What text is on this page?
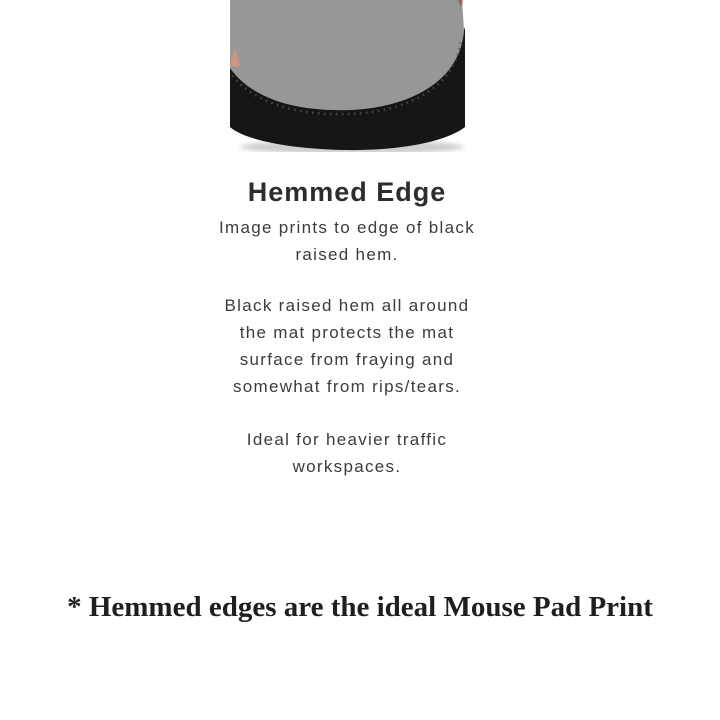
Hemmed Edge

Image prints to edge of black
raised hem.

Black raised hem all around
the mat protects the mat
surface from fraying and
somewhat from rips/tears.

Ideal for heavier traffic
workspaces.

* Hemmed edges are the ideal Mouse Pad Print
